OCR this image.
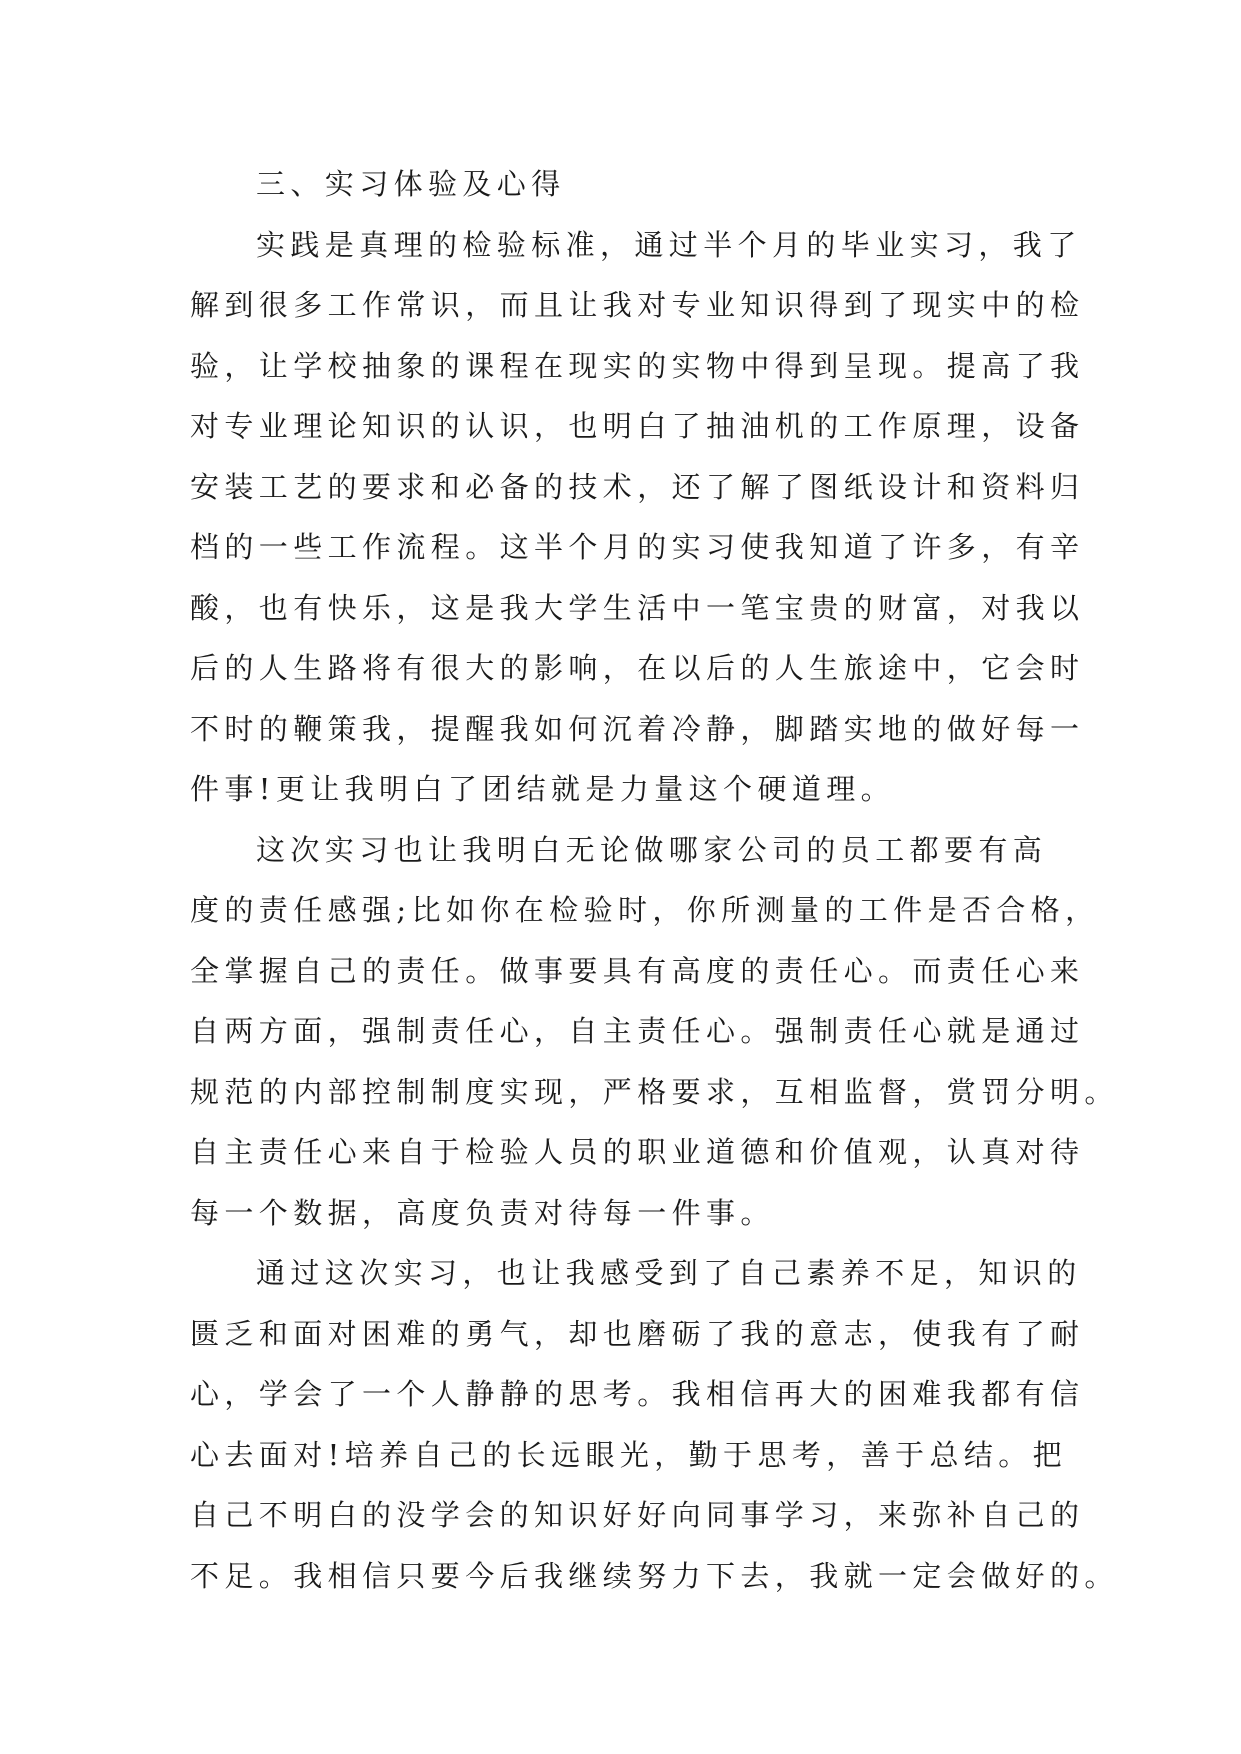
三、实习体验及心得
实践是真理的检验标准，通过半个月的毕业实习，我了
解到很多工作常识，而且让我对专业知识得到了现实中的检
验，让学校抽象的课程在现实的实物中得到呈现。提高了我
对专业理论知识的认识，也明白了抽油机的工作原理，设备
安装工艺的要求和必备的技术，还了解了图纸设计和资料归
档的一些工作流程。这半个月的实习使我知道了许多，有辛
酸，也有快乐，这是我大学生活中一笔宝贵的财富，对我以
后的人生路将有很大的影响，在以后的人生旅途中，它会时
不时的鞭策我，提醒我如何沉着冷静，脚踏实地的做好每一
件事!更让我明白了团结就是力量这个硬道理。
这次实习也让我明白无论做哪家公司的员工都要有高
度的责任感强;比如你在检验时，你所测量的工件是否合格，
全掌握自己的责任。做事要具有高度的责任心。而责任心来
自两方面，强制责任心，自主责任心。强制责任心就是通过
规范的内部控制制度实现，严格要求，互相监督，赏罚分明。
自主责任心来自于检验人员的职业道德和价值观，认真对待
每一个数据，高度负责对待每一件事。
通过这次实习，也让我感受到了自己素养不足，知识的
匮乏和面对困难的勇气，却也磨砺了我的意志，使我有了耐
心，学会了一个人静静的思考。我相信再大的困难我都有信
心去面对!培养自己的长远眼光，勤于思考，善于总结。把
自己不明白的没学会的知识好好向同事学习，来弥补自己的
不足。我相信只要今后我继续努力下去，我就一定会做好的。
